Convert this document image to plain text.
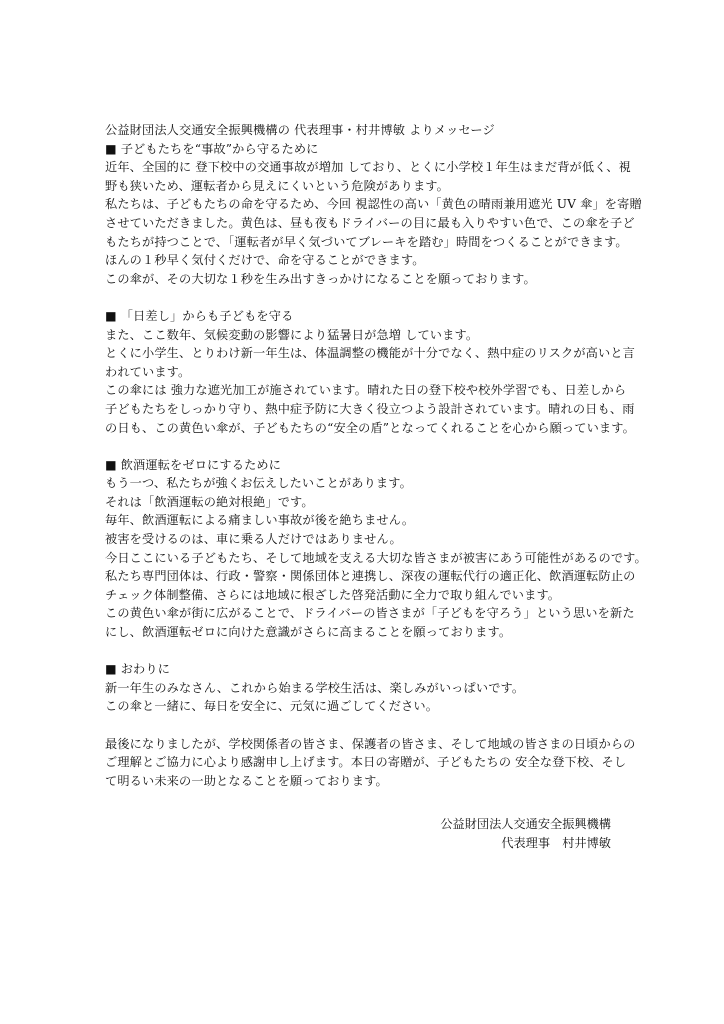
公益財団法人交通安全振興機構の 代表理事・村井博敏 よりメッセージ
■ 子どもたちを“事故”から守るために
近年、全国的に 登下校中の交通事故が増加 しており、とくに小学校１年生はまだ背が低く、視
野も狭いため、運転者から見えにくいという危険があります。
私たちは、子どもたちの命を守るため、今回 視認性の高い「黄色の晴雨兼用遮光 UV 傘」を寄贈
させていただきました。黄色は、昼も夜もドライバーの目に最も入りやすい色で、この傘を子ど
もたちが持つことで、「運転者が早く気づいてブレーキを踏む」時間をつくることができます。
ほんの１秒早く気付くだけで、命を守ることができます。
この傘が、その大切な１秒を生み出すきっかけになることを願っております。
■ 「日差し」からも子どもを守る
また、ここ数年、気候変動の影響により猛暑日が急増 しています。
とくに小学生、とりわけ新一年生は、体温調整の機能が十分でなく、熱中症のリスクが高いと言
われています。
この傘には 強力な遮光加工が施されています。晴れた日の登下校や校外学習でも、日差しから
子どもたちをしっかり守り、熱中症予防に大きく役立つよう設計されています。晴れの日も、雨
の日も、この黄色い傘が、子どもたちの“安全の盾”となってくれることを心から願っています。
■ 飲酒運転をゼロにするために
もう一つ、私たちが強くお伝えしたいことがあります。
それは「飲酒運転の絶対根絶」です。
毎年、飲酒運転による痛ましい事故が後を絶ちません。
被害を受けるのは、車に乗る人だけではありません。
今日ここにいる子どもたち、そして地域を支える大切な皆さまが被害にあう可能性があるのです。
私たち専門団体は、行政・警察・関係団体と連携し、深夜の運転代行の適正化、飲酒運転防止の
チェック体制整備、さらには地域に根ざした啓発活動に全力で取り組んでいます。
この黄色い傘が街に広がることで、ドライバーの皆さまが「子どもを守ろう」という思いを新た
にし、飲酒運転ゼロに向けた意識がさらに高まることを願っております。
■ おわりに
新一年生のみなさん、これから始まる学校生活は、楽しみがいっぱいです。
この傘と一緒に、毎日を安全に、元気に過ごしてください。
最後になりましたが、学校関係者の皆さま、保護者の皆さま、そして地域の皆さまの日頃からの
ご理解とご協力に心より感謝申し上げます。本日の寄贈が、子どもたちの 安全な登下校、そし
て明るい未来の一助となることを願っております。
公益財団法人交通安全振興機構
代表理事　村井博敏
